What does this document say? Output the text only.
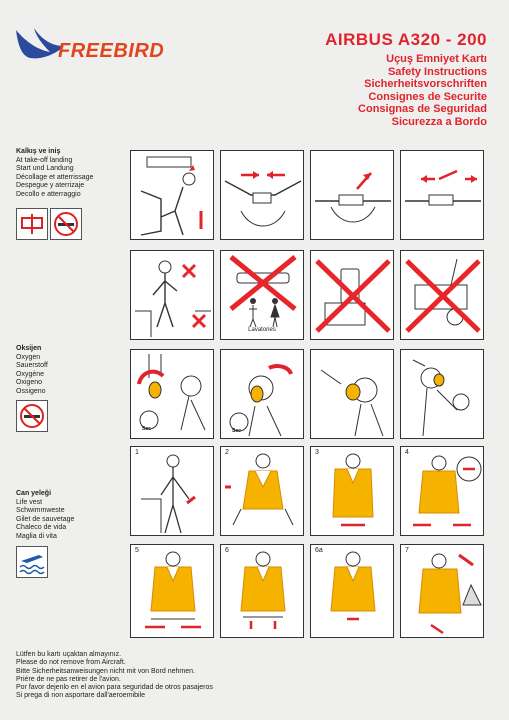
FREEBIRD
AIRBUS A320 - 200
Uçuş Emniyet Kartı
Safety Instructions
Sicherheitsvorschriften
Consignes de Securite
Consignas de Seguridad
Sicurezza a Bordo
Kalkış ve iniş
At take-off landing
Start und Landung
Décollage et atterrissage
Despegue y aterrizaje
Decollo e atterraggio
Oksijen
Oxygen
Sauerstoff
Oxygène
Oxigeno
Ossigeno
Can yeleği
Life vest
Schwimmweste
Gilet de sauvetage
Chaleco de vida
Maglia di vita
Lavatories
Sec	Sec
1	2	3	4
5	6	6a	7
Lütfen bu kartı uçaktan almayınız.
Please do not remove from Aircraft.
Bitte Sicherheitsanweisungen nicht mit von Bord nehmen.
Priére de ne pas retirer de l'avion.
Por favor dejenlo en el avion para seguridad de otros pasajeros
Si prega di non asportare dall'aeroemibile
